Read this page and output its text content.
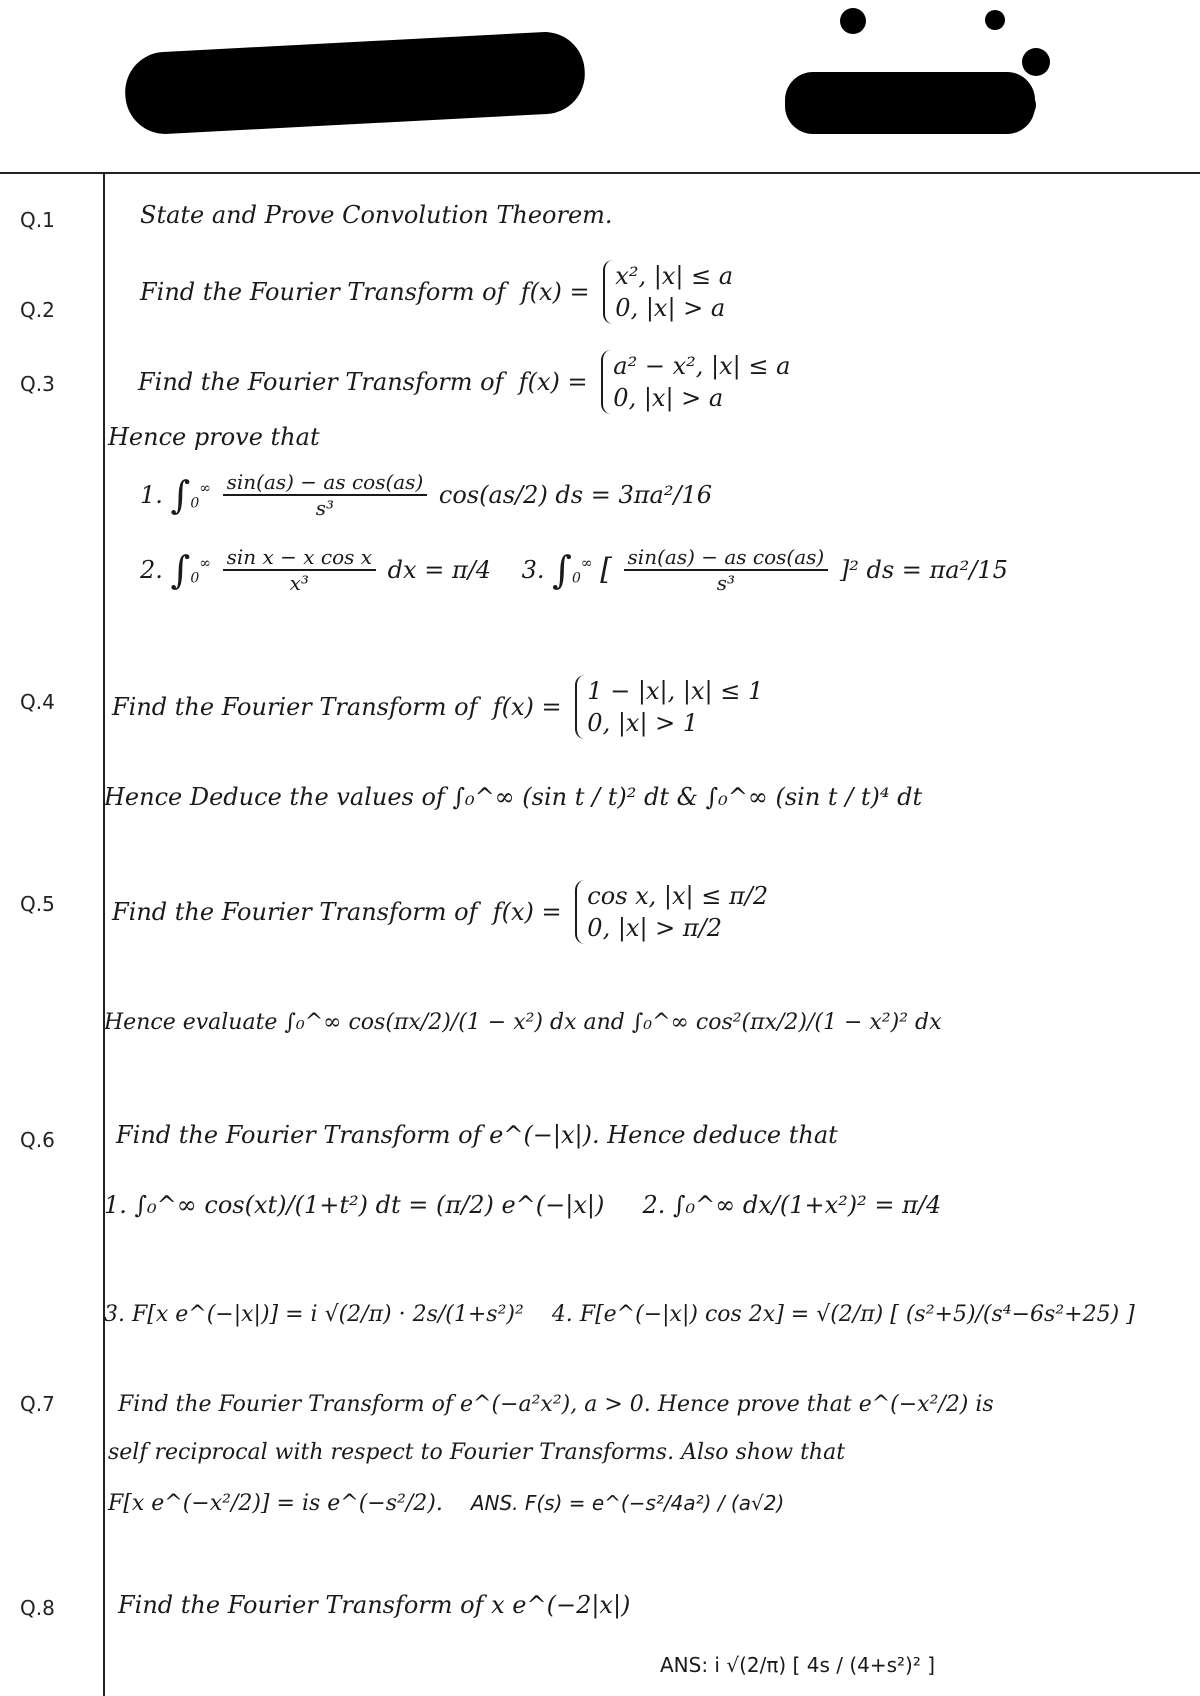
Q.1	State and Prove Convolution Theorem.
Q.2
Find the Fourier Transform of  f(x) =
x², |x| ≤ a
0, |x| > a
Q.3	Find the Fourier Transform of  f(x) =
a² − x², |x| ≤ a
0, |x| > a
Hence prove that
1. $\int_0^\infty \frac{\text{sin(as) − as cos(as)}}{\text{s³}} \cos(as/2)$ ds = 3πa²/16
2. $\int_0^\infty \frac{\text{sin x − x cos x}}{\text{x³}}$ dx = π/4 3. $\int_0^\infty$ [ $\frac{\text{sin(as) − as cos(as)}}{\text{s³}} ]^2$ ds = πa²/15
Q.4	Find the Fourier Transform of  f(x) =
1 − |x|, |x| ≤ 1
0, |x| > 1
Hence Deduce the values of ∫₀^∞ (sin t / t)² dt & ∫₀^∞ (sin t / t)⁴ dt
Q.5	Find the Fourier Transform of  f(x) =
cos x, |x| ≤ π/2
0, |x| > π/2
Hence evaluate ∫₀^∞ cos(πx/2)/(1 − x²) dx and ∫₀^∞ cos²(πx/2)/(1 − x²)² dx
Q.6	Find the Fourier Transform of e^(−|x|). Hence deduce that
1. ∫₀^∞ cos(xt)/(1+t²) dt = (π/2) e^(−|x|) 2. ∫₀^∞ dx/(1+x²)² = π/4
3. F[x e^(−|x|)] = i √(2/π) · 2s/(1+s²)² 4. F[e^(−|x|) cos 2x] = √(2/π) [ (s²+5)/(s⁴−6s²+25) ]
Q.7	Find the Fourier Transform of e^(−a²x²), a > 0. Hence prove that e^(−x²/2) is
self reciprocal with respect to Fourier Transforms. Also show that
F[x e^(−x²/2)] = is e^(−s²/2). ANS. F(s) = e^(−s²/4a²) / (a√2)
Q.8	Find the Fourier Transform of x e^(−2|x|)
ANS: i √(2/π) [ 4s / (4+s²)² ]
